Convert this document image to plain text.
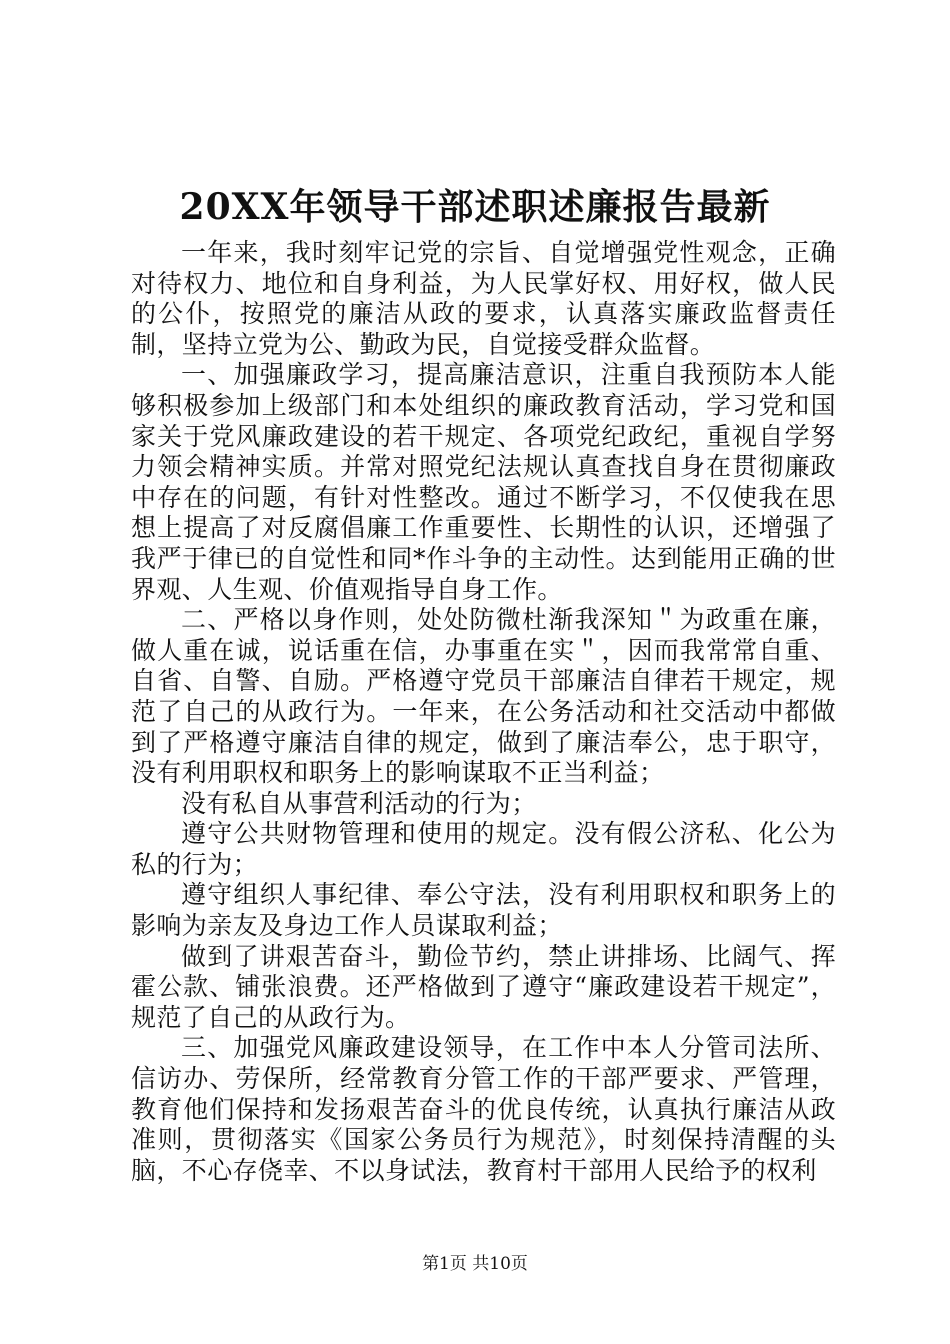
20XX年领导干部述职述廉报告最新

一年来，我时刻牢记党的宗旨、自觉增强党性观念，正确对待权力、地位和自身利益，为人民掌好权、用好权，做人民的公仆，按照党的廉洁从政的要求，认真落实廉政监督责任制，坚持立党为公、勤政为民，自觉接受群众监督。

一、加强廉政学习，提高廉洁意识，注重自我预防本人能够积极参加上级部门和本处组织的廉政教育活动，学习党和国家关于党风廉政建设的若干规定、各项党纪政纪，重视自学努力领会精神实质。并常对照党纪法规认真查找自身在贯彻廉政中存在的问题，有针对性整改。通过不断学习，不仅使我在思想上提高了对反腐倡廉工作重要性、长期性的认识，还增强了我严于律已的自觉性和同*作斗争的主动性。达到能用正确的世界观、人生观、价值观指导自身工作。

二、严格以身作则，处处防微杜渐我深知＂为政重在廉，做人重在诚，说话重在信，办事重在实＂，因而我常常自重、自省、自警、自励。严格遵守党员干部廉洁自律若干规定，规范了自己的从政行为。一年来，在公务活动和社交活动中都做到了严格遵守廉洁自律的规定，做到了廉洁奉公，忠于职守，没有利用职权和职务上的影响谋取不正当利益；

没有私自从事营利活动的行为；

遵守公共财物管理和使用的规定。没有假公济私、化公为私的行为；

遵守组织人事纪律、奉公守法，没有利用职权和职务上的影响为亲友及身边工作人员谋取利益；

做到了讲艰苦奋斗，勤俭节约，禁止讲排场、比阔气、挥霍公款、铺张浪费。还严格做到了遵守“廉政建设若干规定”，规范了自己的从政行为。

三、加强党风廉政建设领导，在工作中本人分管司法所、信访办、劳保所，经常教育分管工作的干部严要求、严管理，教育他们保持和发扬艰苦奋斗的优良传统，认真执行廉洁从政准则，贯彻落实《国家公务员行为规范》，时刻保持清醒的头脑，不心存侥幸、不以身试法，教育村干部用人民给予的权利

第1页 共10页
